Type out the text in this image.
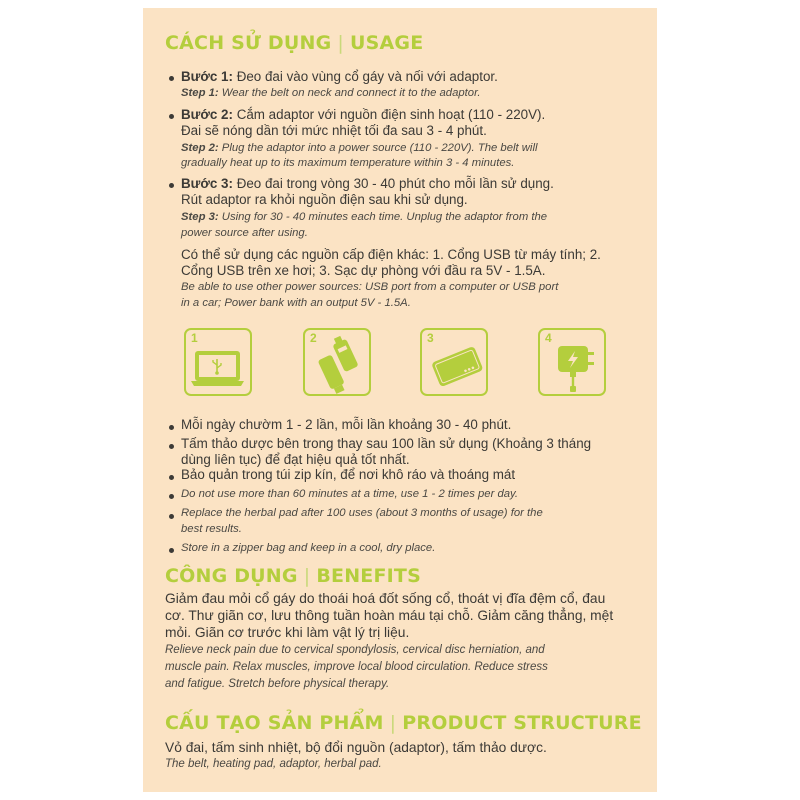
CÁCH SỬ DỤNG | USAGE
Bước 1: Đeo đai vào vùng cổ gáy và nối với adaptor.
Step 1: Wear the belt on neck and connect it to the adaptor.
Bước 2: Cắm adaptor với nguồn điện sinh hoạt (110 - 220V).
Đai sẽ nóng dần tới mức nhiệt tối đa sau 3 - 4 phút.
Step 2: Plug the adaptor into a power source (110 - 220V). The belt will
gradually heat up to its maximum temperature within 3 - 4 minutes.
Bước 3: Đeo đai trong vòng 30 - 40 phút cho mỗi lần sử dụng.
Rút adaptor ra khỏi nguồn điện sau khi sử dụng.
Step 3: Using for 30 - 40 minutes each time. Unplug the adaptor from the
power source after using.
Có thể sử dụng các nguồn cấp điện khác: 1. Cổng USB từ máy tính; 2.
Cổng USB trên xe hơi; 3. Sạc dự phòng với đầu ra 5V - 1.5A.
Be able to use other power sources: USB port from a computer or USB port
in a car; Power bank with an output 5V - 1.5A.
1	2	3	4
Mỗi ngày chườm 1 - 2 lần, mỗi lần khoảng 30 - 40 phút.
Tấm thảo dược bên trong thay sau 100 lần sử dụng (Khoảng 3 tháng
dùng liên tục) để đạt hiệu quả tốt nhất.
Bảo quản trong túi zip kín, để nơi khô ráo và thoáng mát
Do not use more than 60 minutes at a time, use 1 - 2 times per day.
Replace the herbal pad after 100 uses (about 3 months of usage) for the
best results.
Store in a zipper bag and keep in a cool, dry place.
CÔNG DỤNG | BENEFITS
Giảm đau mỏi cổ gáy do thoái hoá đốt sống cổ, thoát vị đĩa đệm cổ, đau
cơ. Thư giãn cơ, lưu thông tuần hoàn máu tại chỗ. Giảm căng thẳng, mệt
mỏi. Giãn cơ trước khi làm vật lý trị liệu.
Relieve neck pain due to cervical spondylosis, cervical disc herniation, and
muscle pain. Relax muscles, improve local blood circulation. Reduce stress
and fatigue. Stretch before physical therapy.
CẤU TẠO SẢN PHẨM | PRODUCT STRUCTURE
Vỏ đai, tấm sinh nhiệt, bộ đổi nguồn (adaptor), tấm thảo dược.
The belt, heating pad, adaptor, herbal pad.
